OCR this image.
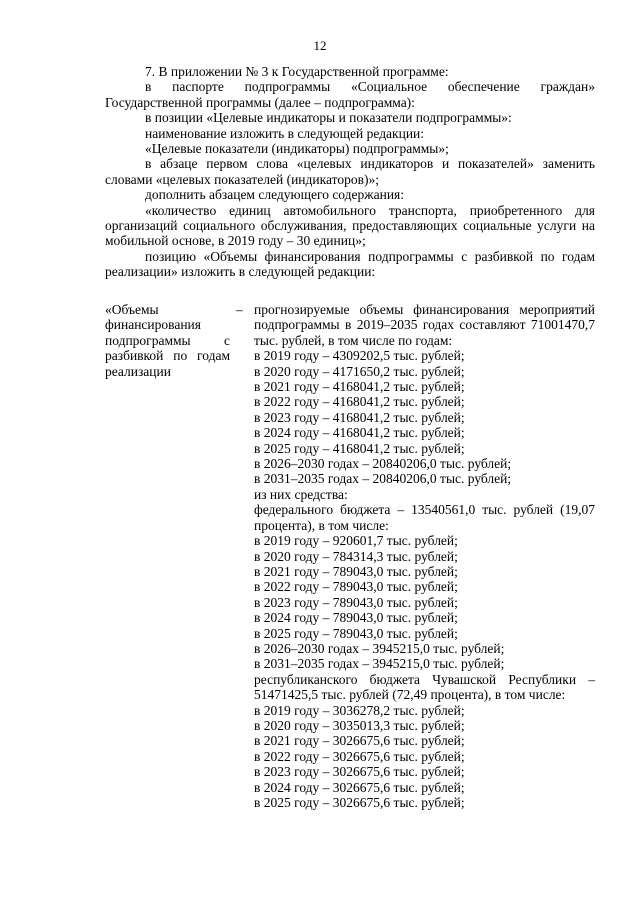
12

7. В приложении № 3 к Государственной программе:

в паспорте подпрограммы «Социальное обеспечение граждан» Государственной программы (далее – подпрограмма):

в позиции «Целевые индикаторы и показатели подпрограммы»:

наименование изложить в следующей редакции:

«Целевые показатели (индикаторы) подпрограммы»;

в абзаце первом слова «целевых индикаторов и показателей» заменить словами «целевых показателей (индикаторов)»;

дополнить абзацем следующего содержания:

«количество единиц автомобильного транспорта, приобретенного для организаций социального обслуживания, предоставляющих социальные услуги на мобильной основе, в 2019 году – 30 единиц»;

позицию «Объемы финансирования подпрограммы с разбивкой по годам реализации» изложить в следующей редакции:

«Объемы финансирования подпрограммы с разбивкой по годам реализации
– прогнозируемые объемы финансирования мероприятий подпрограммы в 2019–2035 годах составляют 71001470,7 тыс. рублей, в том числе по годам:

в 2019 году – 4309202,5 тыс. рублей;

в 2020 году – 4171650,2 тыс. рублей;

в 2021 году – 4168041,2 тыс. рублей;

в 2022 году – 4168041,2 тыс. рублей;

в 2023 году – 4168041,2 тыс. рублей;

в 2024 году – 4168041,2 тыс. рублей;

в 2025 году – 4168041,2 тыс. рублей;

в 2026–2030 годах – 20840206,0 тыс. рублей;

в 2031–2035 годах – 20840206,0 тыс. рублей;

из них средства:

федерального бюджета – 13540561,0 тыс. рублей (19,07 процента), в том числе:

в 2019 году – 920601,7 тыс. рублей;

в 2020 году – 784314,3 тыс. рублей;

в 2021 году – 789043,0 тыс. рублей;

в 2022 году – 789043,0 тыс. рублей;

в 2023 году – 789043,0 тыс. рублей;

в 2024 году – 789043,0 тыс. рублей;

в 2025 году – 789043,0 тыс. рублей;

в 2026–2030 годах – 3945215,0 тыс. рублей;

в 2031–2035 годах – 3945215,0 тыс. рублей;

республиканского бюджета Чувашской Республики – 51471425,5 тыс. рублей (72,49 процента), в том числе:

в 2019 году – 3036278,2 тыс. рублей;

в 2020 году – 3035013,3 тыс. рублей;

в 2021 году – 3026675,6 тыс. рублей;

в 2022 году – 3026675,6 тыс. рублей;

в 2023 году – 3026675,6 тыс. рублей;

в 2024 году – 3026675,6 тыс. рублей;

в 2025 году – 3026675,6 тыс. рублей;
